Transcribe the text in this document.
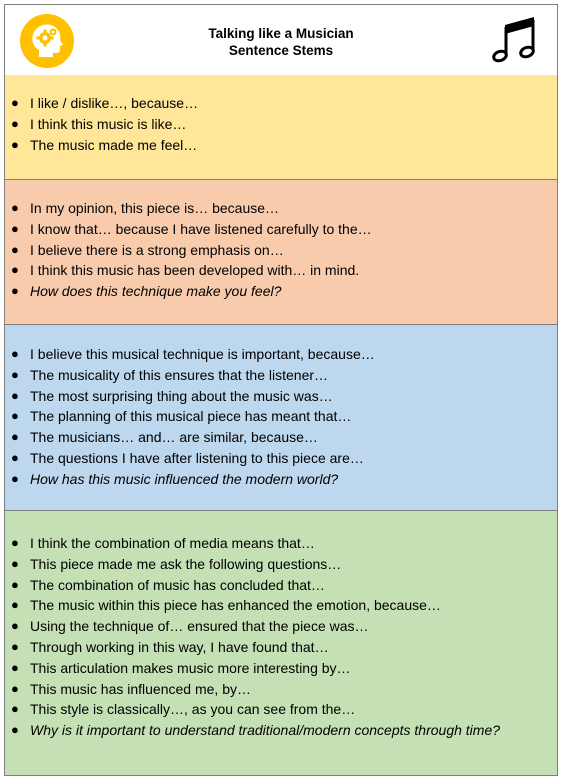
Talking like a Musician
Sentence Stems
● I like / dislike…, because…
● I think this music is like…
● The music made me feel…
● In my opinion, this piece is… because…
● I know that… because I have listened carefully to the…
● I believe there is a strong emphasis on…
● I think this music has been developed with… in mind.
● How does this technique make you feel?
● I believe this musical technique is important, because…
● The musicality of this ensures that the listener…
● The most surprising thing about the music was…
● The planning of this musical piece has meant that…
● The musicians… and… are similar, because…
● The questions I have after listening to this piece are…
● How has this music influenced the modern world?
● I think the combination of media means that…
● This piece made me ask the following questions…
● The combination of music has concluded that…
● The music within this piece has enhanced the emotion, because…
● Using the technique of… ensured that the piece was…
● Through working in this way, I have found that…
● This articulation makes music more interesting by…
● This music has influenced me, by…
● This style is classically…, as you can see from the…
● Why is it important to understand traditional/modern concepts through time?
